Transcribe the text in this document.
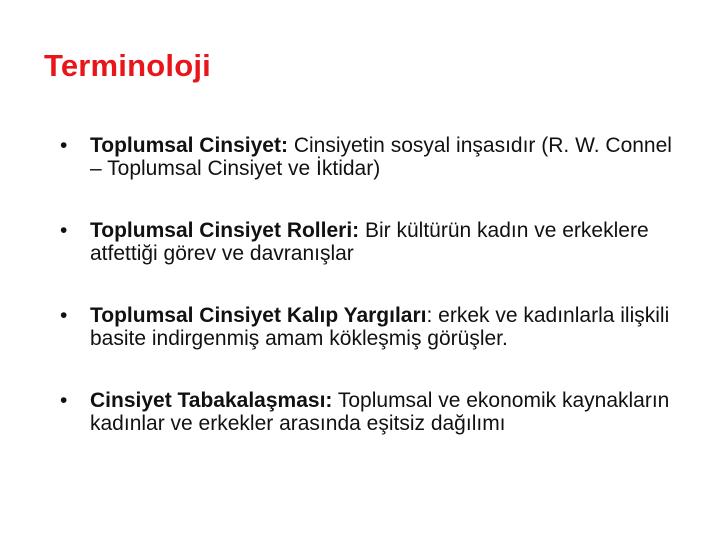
Terminoloji
• Toplumsal Cinsiyet: Cinsiyetin sosyal inşasıdır (R. W. Connel – Toplumsal Cinsiyet ve İktidar)
• Toplumsal Cinsiyet Rolleri: Bir kültürün kadın ve erkeklere atfettiği görev ve davranışlar
• Toplumsal Cinsiyet Kalıp Yargıları: erkek ve kadınlarla ilişkili basite indirgenmiş amam kökleşmiş görüşler.
• Cinsiyet Tabakalaşması: Toplumsal ve ekonomik kaynakların kadınlar ve erkekler arasında eşitsiz dağılımı
